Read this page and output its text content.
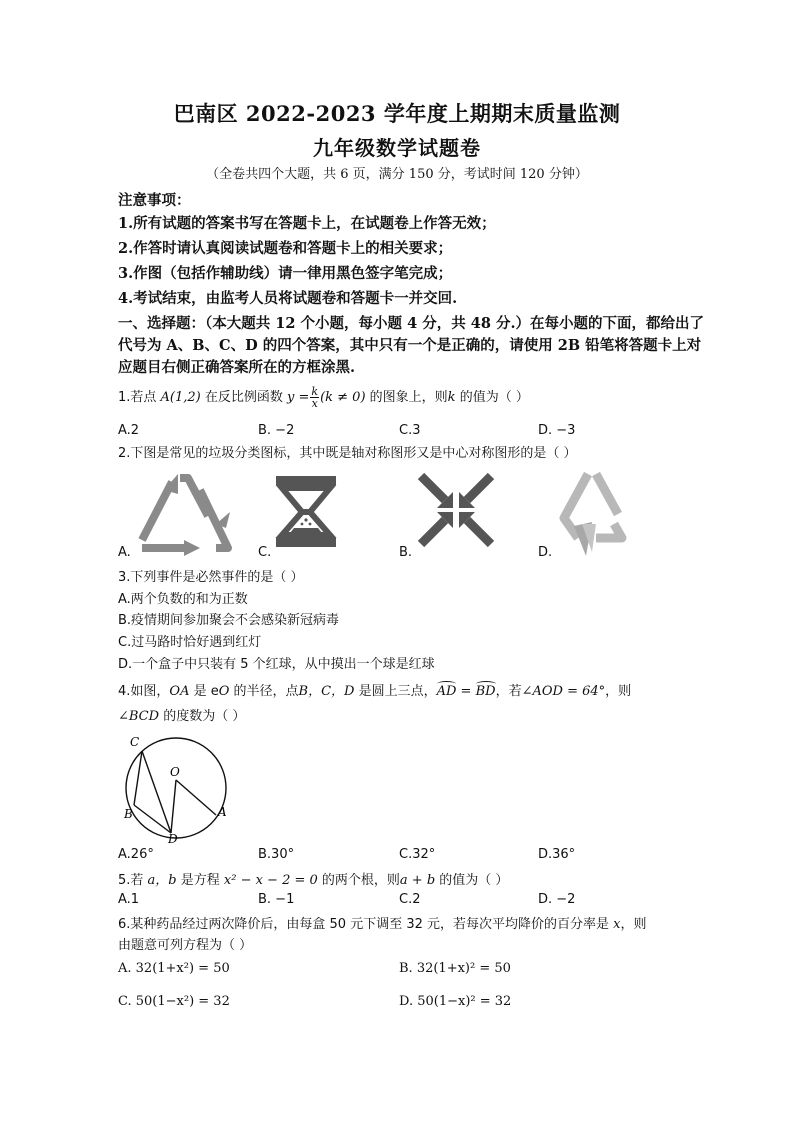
巴南区 2022-2023 学年度上期期末质量监测
九年级数学试题卷
（全卷共四个大题，共 6 页，满分 150 分，考试时间 120 分钟）
注意事项：
1.所有试题的答案书写在答题卡上，在试题卷上作答无效；
2.作答时请认真阅读试题卷和答题卡上的相关要求；
3.作图（包括作辅助线）请一律用黑色签字笔完成；
4.考试结束，由监考人员将试题卷和答题卡一并交回.
一、选择题：（本大题共 12 个小题，每小题 4 分，共 48 分.）在每小题的下面，都给出了
代号为 A、B、C、D 的四个答案，其中只有一个是正确的，请使用 2B 铅笔将答题卡上对
应题目右侧正确答案所在的方框涂黑.
1.若点 A(1,2) 在反比例函数 $y = \frac{k}{x} (k \ne 0)$ 的图象上，则k 的值为（ ）
A.2	B. −2	C.3	D. −3
2.下图是常见的垃圾分类图标，其中既是轴对称图形又是中心对称图形的是（ ）
A.	C.	B.	D.
3.下列事件是必然事件的是（ ）
A.两个负数的和为正数
B.疫情期间参加聚会不会感染新冠病毒
C.过马路时恰好遇到红灯
D.一个盒子中只装有 5 个红球，从中摸出一个球是红球
4.如图，OA 是 eO 的半径，点B，C，D 是圆上三点，AD = BD，若∠AOD = 64°，则
∠BCD 的度数为（ ）
C
O
B
D
A
A.26°	B.30°	C.32°	D.36°
5.若 a，b 是方程 x² − x − 2 = 0 的两个根，则a + b 的值为（ ）
A.1	B. −1	C.2	D. −2
6.某种药品经过两次降价后，由每盒 50 元下调至 32 元，若每次平均降价的百分率是 x，则
由题意可列方程为（ ）
A. 32(1+x²) = 50	B. 32(1+x)² = 50
C. 50(1−x²) = 32	D. 50(1−x)² = 32
